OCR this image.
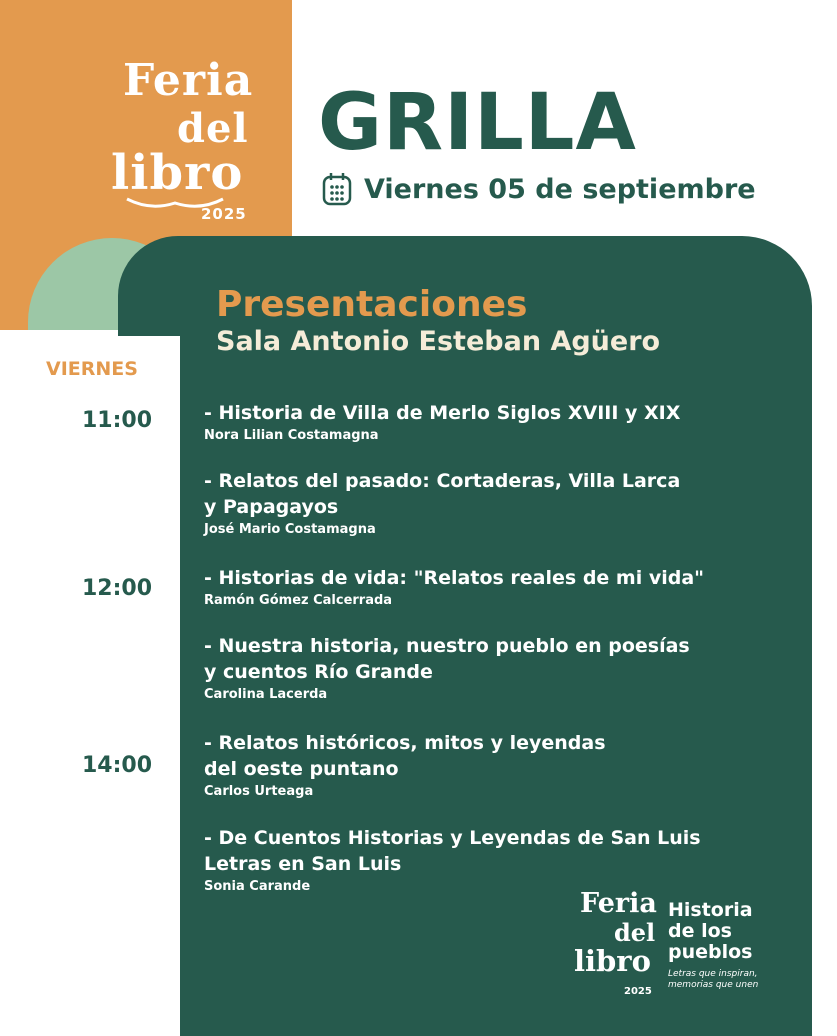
Feria
del
libro
2025
GRILLA
Viernes 05 de septiembre
Presentaciones
Sala Antonio Esteban Agüero
VIERNES
11:00
12:00
14:00
- Historia de Villa de Merlo Siglos XVIII y XIX
Nora Lilian Costamagna
- Relatos del pasado: Cortaderas, Villa Larca
y Papagayos
José Mario Costamagna
- Historias de vida: "Relatos reales de mi vida"
Ramón Gómez Calcerrada
- Nuestra historia, nuestro pueblo en poesías
y cuentos Río Grande
Carolina Lacerda
- Relatos históricos, mitos y leyendas
del oeste puntano
Carlos Urteaga
- De Cuentos Historias y Leyendas de San Luis
Letras en San Luis
Sonia Carande
Feria
del
libro
2025
Historia
de los
pueblos
Letras que inspiran,
memorias que unen
